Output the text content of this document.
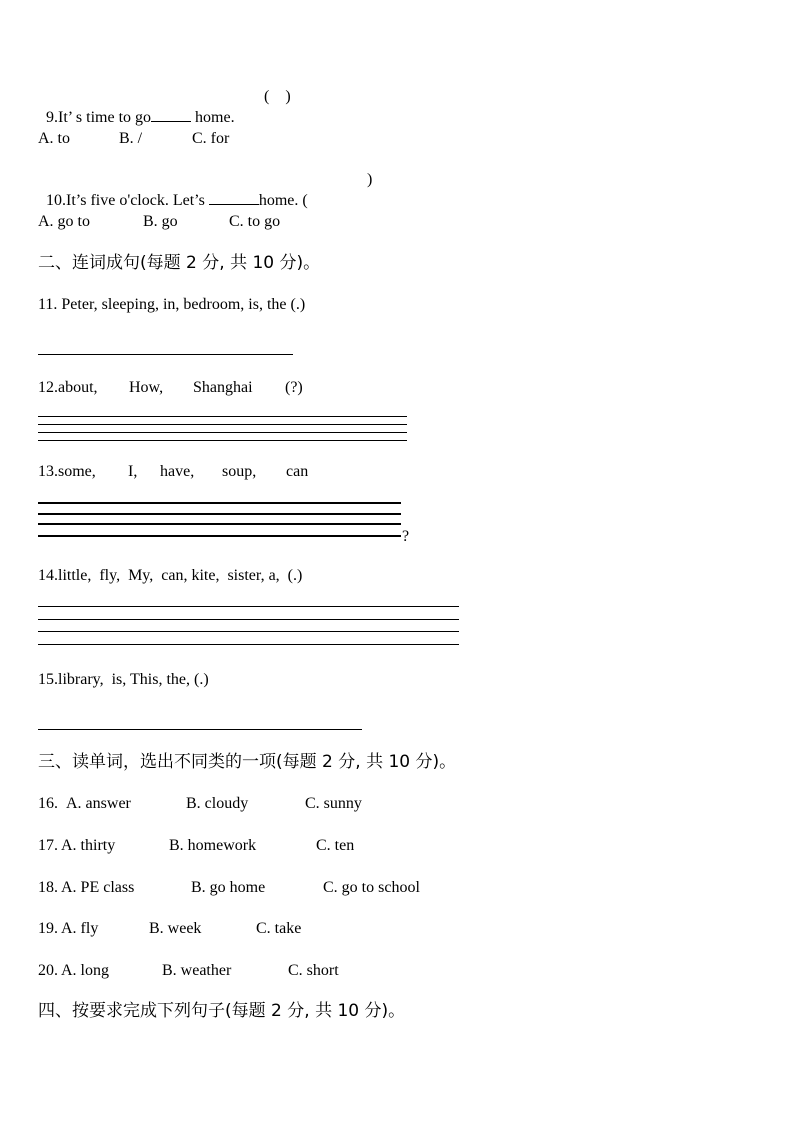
9.It’ s time to go	home.

(    )
A. to	B. /	C. for

10.It’s five o'clock. Let’s	home. (

)
A. go to	B. go	C. to go
二、连词成句(每题 2 分, 共 10 分)。
11. Peter, sleeping, in, bedroom, is, the (.)
12.about, How, Shanghai (?)
13.some, I, have, soup, can
?
14.little,  fly,  My,  can, kite,  sister, a,  (.)
15.library,  is, This, the, (.)
三、读单词，选出不同类的一项(每题 2 分, 共 10 分)。
16. A. answer	B. cloudy	C. sunny
17. A. thirty	B. homework	C. ten
18. A. PE class	B. go home	C. go to school
19. A. fly	B. week	C. take
20. A. long	B. weather	C. short
四、按要求完成下列句子(每题 2 分, 共 10 分)。
